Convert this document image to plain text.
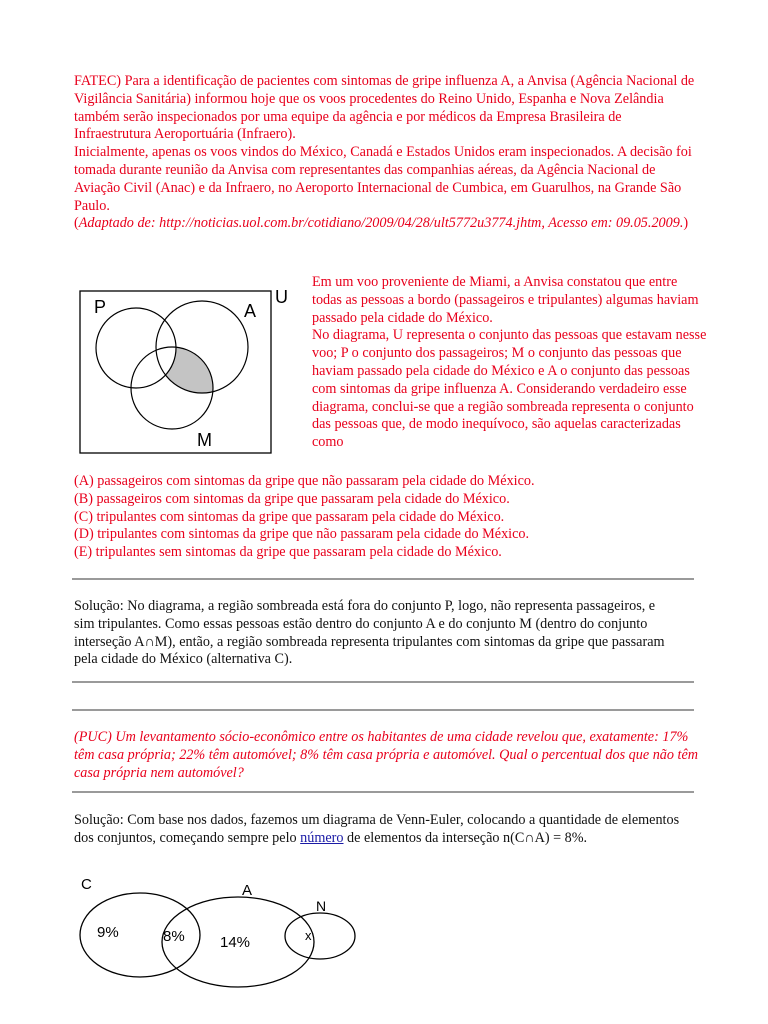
FATEC) Para a identificação de pacientes com sintomas de gripe influenza A, a Anvisa (Agência Nacional de Vigilância Sanitária) informou hoje que os voos procedentes do Reino Unido, Espanha e Nova Zelândia também serão inspecionados por uma equipe da agência e por médicos da Empresa Brasileira de Infraestrutura Aeroportuária (Infraero).

Inicialmente, apenas os voos vindos do México, Canadá e Estados Unidos eram inspecionados. A decisão foi tomada durante reunião da Anvisa com representantes das companhias aéreas, da Agência Nacional de Aviação Civil (Anac) e da Infraero, no Aeroporto Internacional de Cumbica, em Guarulhos, na Grande São Paulo.

(Adaptado de: http://noticias.uol.com.br/cotidiano/2009/04/28/ult5772u3774.jhtm, Acesso em: 09.05.2009.)

P	A
U
M

Em um voo proveniente de Miami, a Anvisa constatou que entre todas as pessoas a bordo (passageiros e tripulantes) algumas haviam passado pela cidade do México.

No diagrama, U representa o conjunto das pessoas que estavam nesse voo; P o conjunto dos passageiros; M o conjunto das pessoas que haviam passado pela cidade do México e A o conjunto das pessoas com sintomas da gripe influenza A. Considerando verdadeiro esse diagrama, conclui-se que a região sombreada representa o conjunto das pessoas que, de modo inequívoco, são aquelas caracterizadas como

(A) passageiros com sintomas da gripe que não passaram pela cidade do México.

(B) passageiros com sintomas da gripe que passaram pela cidade do México.

(C) tripulantes com sintomas da gripe que passaram pela cidade do México.

(D) tripulantes com sintomas da gripe que não passaram pela cidade do México.

(E) tripulantes sem sintomas da gripe que passaram pela cidade do México.

Solução: No diagrama, a região sombreada está fora do conjunto P, logo, não representa passageiros, e sim tripulantes. Como essas pessoas estão dentro do conjunto A e do conjunto M (dentro do conjunto interseção A∩M), então, a região sombreada representa tripulantes com sintomas da gripe que passaram pela cidade do México (alternativa C).

(PUC) Um levantamento sócio-econômico entre os habitantes de uma cidade revelou que, exatamente: 17% têm casa própria; 22% têm automóvel; 8% têm casa própria e automóvel. Qual o percentual dos que não têm casa própria nem automóvel?

Solução: Com base nos dados, fazemos um diagrama de Venn-Euler, colocando a quantidade de elementos dos conjuntos, começando sempre pelo número de elementos da interseção n(C∩A) = 8%.

C	A
N
9%	8% 14%	x
